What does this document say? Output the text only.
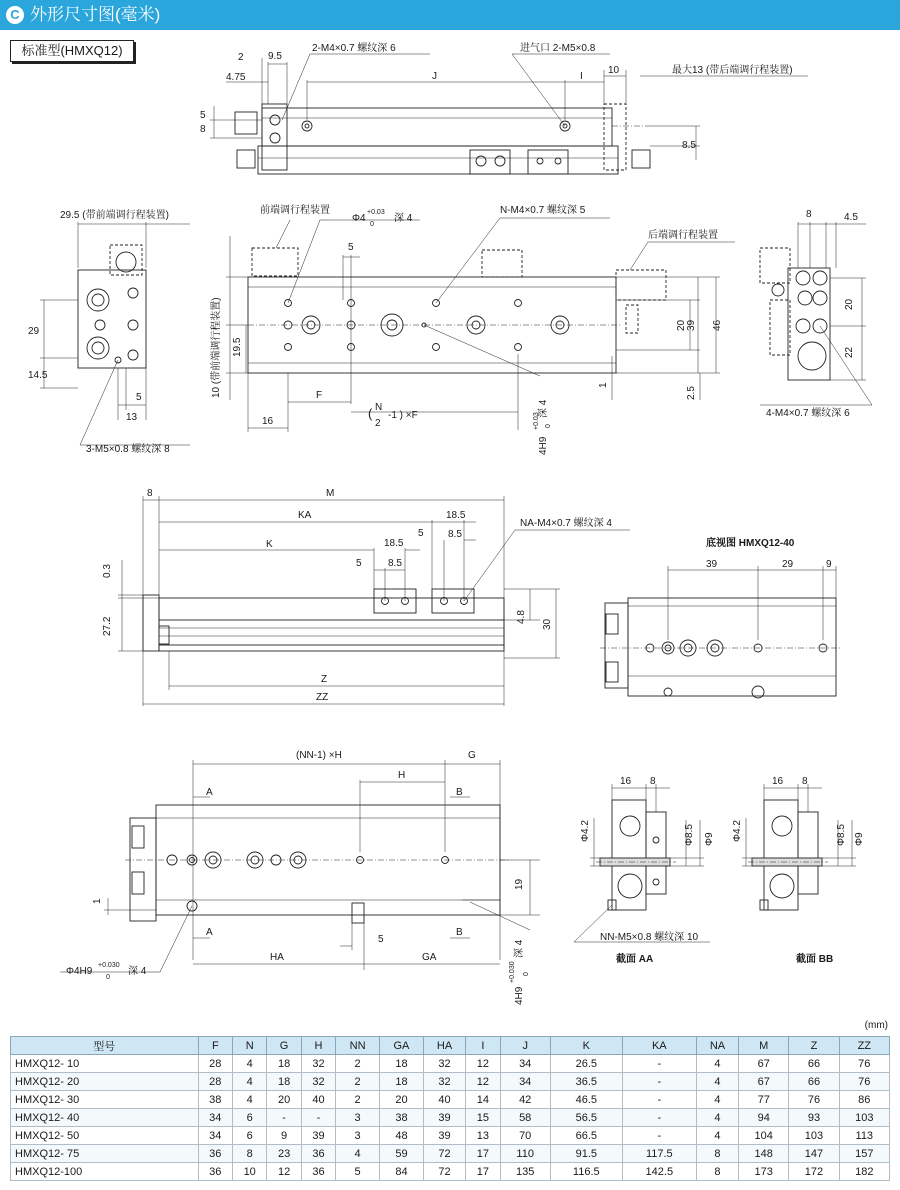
C 外形尺寸图(毫米)
标准型(HMXQ12)	2 9.5
4.75
8
5
J	I
10
8.5
2-M4×0.7 螺纹深 6	进气口 2-M5×0.8
最大13 (带后端调行程装置)
29
14.5
5
13
29.5 (带前端调行程装置)
3-M5×0.8 螺纹深 8
5
10 (带前端调行程装置) 19.5
F
16
20 39 46
1
2.5
前端调行程装置
Φ4
+0.03
0
深 4
N-M4×0.7 螺纹深 5
后端调行程装置
( N
2
-1 ) ×F
4H9
+0.03 0
深 4
8	4.5
20
22
4-M4×0.7 螺纹深 6
8	M
KA	18.5
5 8.5
K	18.5
5	8.5
0.3
27.2	4.8
30
Z
ZZ
NA-M4×0.7 螺纹深 4
底视图 HMXQ12-40
39	29	9
(NN-1) ×H	G
H
A	B
A	B
1
19
5
HA	GA
Φ4H9
+0.030
0
深 4
4H9
+0.030 0
深 4
16 8
Φ4.2	Φ8.5 Φ9
NN-M5×0.8 螺纹深 10
截面 AA
16 8
Φ4.2	Φ8.5 Φ9
截面 BB
(mm)
型号	F	N	G	H	NN	GA	HA	I	J	K	KA	NA	M	Z	ZZ
HMXQ12- 10	28	4	18	32	2	18	32	12	34	26.5	-	4	67	66	76
HMXQ12- 20	28	4	18	32	2	18	32	12	34	36.5	-	4	67	66	76
HMXQ12- 30	38	4	20	40	2	20	40	14	42	46.5	-	4	77	76	86
HMXQ12- 40	34	6	-	-	3	38	39	15	58	56.5	-	4	94	93	103
HMXQ12- 50	34	6	9	39	3	48	39	13	70	66.5	-	4	104	103	113
HMXQ12- 75	36	8	23	36	4	59	72	17	110	91.5	117.5	8	148	147	157
HMXQ12-100	36	10	12	36	5	84	72	17	135	116.5	142.5	8	173	172	182
